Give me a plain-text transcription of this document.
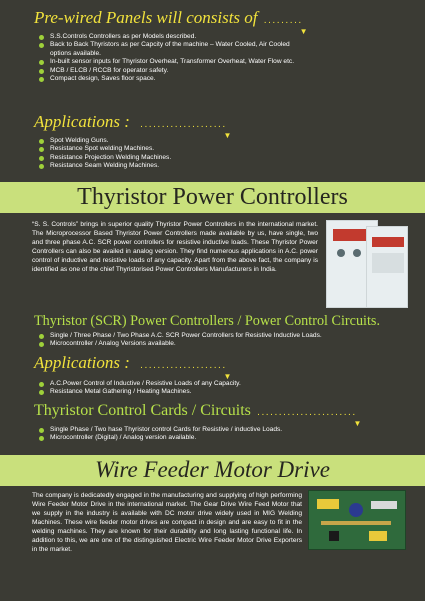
Pre-wired Panels will consists of ·········
▼
S.S.Controls Controllers as per Models described.
Back to Back Thyristors as per Capcity of the machine – Water Cooled, Air Cooled options available.
In-built sensor inputs for Thyristor Overheat, Transformer Overheat, Water Flow etc.
MCB / ELCB / RCCB for operator safety.
Compact design, Saves floor space.
Applications : ····················
▼
Spot Welding Guns.
Resistance Spot welding Machines.
Resistance Projection Welding Machines.
Resistance Seam Welding Machines.
Thyristor Power Controllers
“S. S. Controls” brings in superior quality Thyristor Power Controllers in the international market. The Microprocessor Based Thyristor Power Controllers made available by us, have single, two and three phase A.C. SCR power controllers for resistive inductive loads. These Thyristor Power Controllers can also be availed in analog version. They find numerous applications in A.C. power control of inductive and resistive loads of any capacity. Apart from the above fact, the company is identified as one of the chief Thyristorised Power Controllers Manufacturers in India.
Thyristor (SCR) Power Controllers / Power Control Circuits.
Single / Three Phase / Two Phase A.C. SCR Power Controllers for Resistive Inductive Loads.
Microcontroller / Analog Versions available.
Applications : ····················
▼
A.C.Power Control of Inductive / Resistive Loads of any Capacity.
Resistance Metal Gathering / Heating Machines.
Thyristor Control Cards / Circuits ·······················
▼
Single Phase / Two hase Thyristor control Cards for Resistive / inductive Loads.
Microcontroller (Digital) / Analog version available.
Wire Feeder Motor Drive
The company is dedicatedly engaged in the manufacturing and supplying of high performing Wire Feeder Motor Drive in the international market. The Gear Drive Wire Feed Motor that we supply in the industry is available with DC motor drive widely used in MIG Welding Machines. These wire feeder motor drives are compact in design and are easy to fit in the welding machines. They are known for their durability and long lasting functional life. In addition to this, we are one of the distinguished Electric Wire Feeder Motor Drive Exporters in the market.
